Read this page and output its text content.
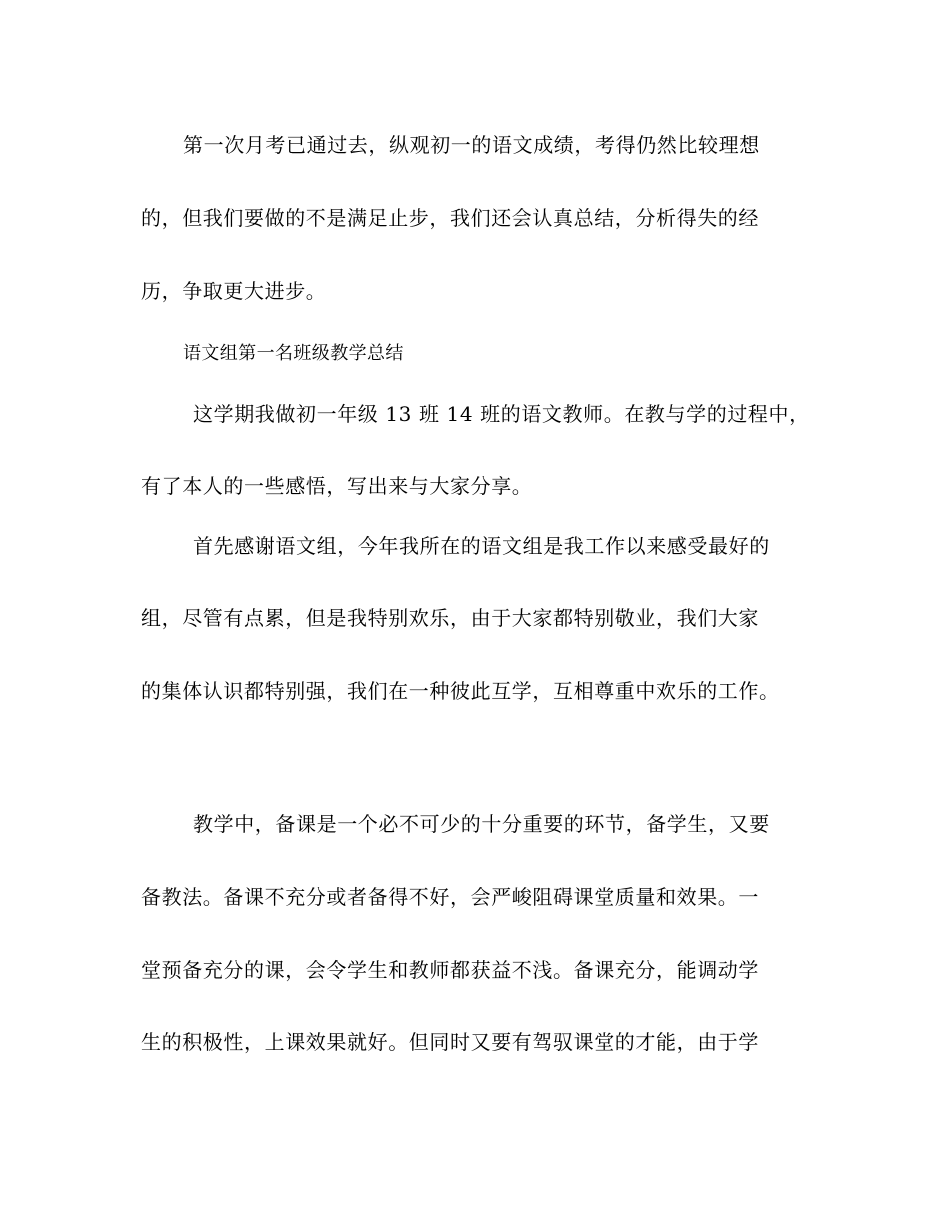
第一次月考已通过去，纵观初一的语文成绩，考得仍然比较理想

的，但我们要做的不是满足止步，我们还会认真总结，分析得失的经

历，争取更大进步。

语文组第一名班级教学总结

这学期我做初一年级 13 班 14 班的语文教师。在教与学的过程中，

有了本人的一些感悟，写出来与大家分享。

首先感谢语文组，今年我所在的语文组是我工作以来感受最好的

组，尽管有点累，但是我特别欢乐，由于大家都特别敬业，我们大家

的集体认识都特别强，我们在一种彼此互学，互相尊重中欢乐的工作。

教学中，备课是一个必不可少的十分重要的环节，备学生，又要

备教法。备课不充分或者备得不好，会严峻阻碍课堂质量和效果。一

堂预备充分的课，会令学生和教师都获益不浅。备课充分，能调动学

生的积极性，上课效果就好。但同时又要有驾驭课堂的才能，由于学
